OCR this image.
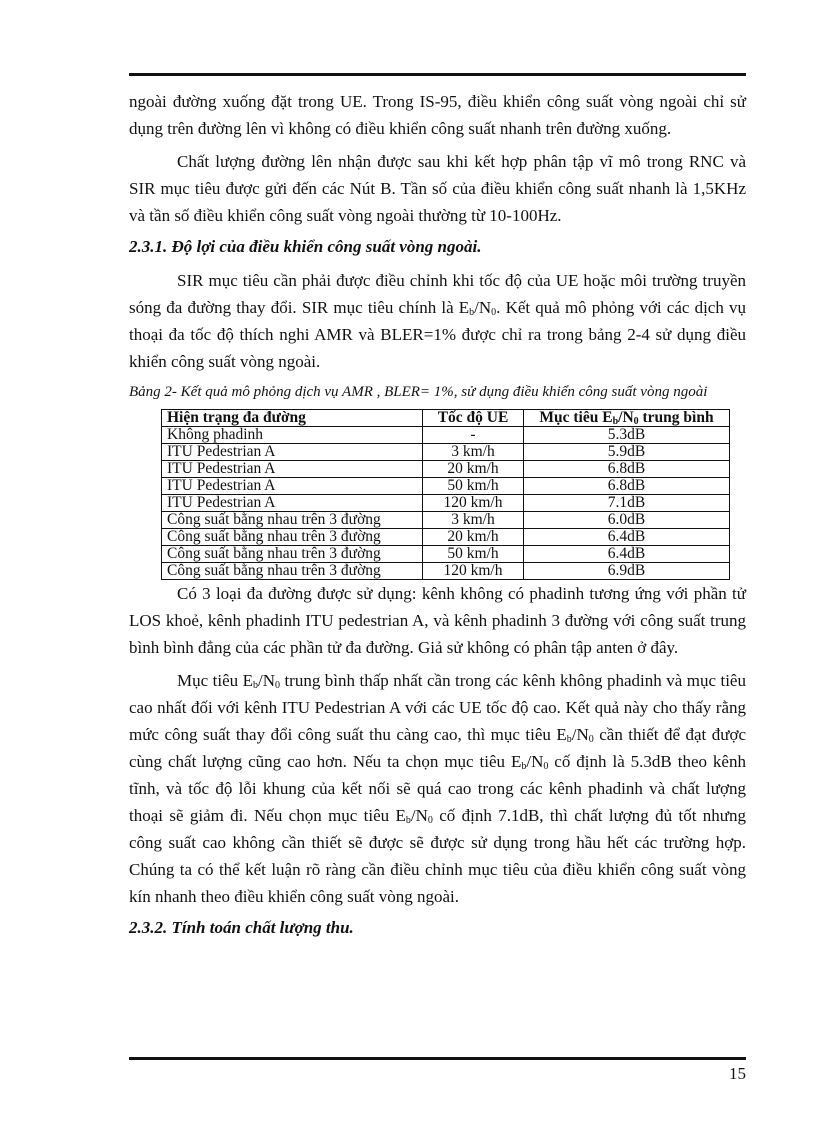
ngoài đường xuống đặt trong UE. Trong IS-95, điều khiển công suất vòng ngoài chỉ sử dụng trên đường lên vì không có điều khiển công suất nhanh trên đường xuống.

Chất lượng đường lên nhận được sau khi kết hợp phân tập vĩ mô trong RNC và SIR mục tiêu được gửi đến các Nút B. Tần số của điều khiển công suất nhanh là 1,5KHz và tần số điều khiển công suất vòng ngoài thường từ 10-100Hz.

2.3.1. Độ lợi của điều khiển công suất vòng ngoài.

SIR mục tiêu cần phải được điều chỉnh khi tốc độ của UE hoặc môi trường truyền sóng đa đường thay đổi. SIR mục tiêu chính là $E_b/N_0$. Kết quả mô phỏng với các dịch vụ thoại đa tốc độ thích nghi AMR và BLER=1% được chỉ ra trong bảng 2-4 sử dụng điều khiển công suất vòng ngoài.

Bảng 2- Kết quả mô phỏng dịch vụ AMR , BLER= 1%, sử dụng điều khiển công suất vòng ngoài
Hiện trạng đa đường	Tốc độ UE	Mục tiêu $E_b/N_0$ trung bình
Không phadinh	-	5.3dB
ITU Pedestrian A	3 km/h	5.9dB
ITU Pedestrian A	20 km/h	6.8dB
ITU Pedestrian A	50 km/h	6.8dB
ITU Pedestrian A	120 km/h	7.1dB
Công suất bằng nhau trên 3 đường	3 km/h	6.0dB
Công suất bằng nhau trên 3 đường	20 km/h	6.4dB
Công suất bằng nhau trên 3 đường	50 km/h	6.4dB
Công suất bằng nhau trên 3 đường	120 km/h	6.9dB

Có 3 loại đa đường được sử dụng: kênh không có phadinh tương ứng với phần tử LOS khoẻ, kênh phadinh ITU pedestrian A, và kênh phadinh 3 đường với công suất trung bình bình đẳng của các phần tử đa đường. Giả sử không có phân tập anten ở đây.

Mục tiêu $E_b/N_0$ trung bình thấp nhất cần trong các kênh không phadinh và mục tiêu cao nhất đối với kênh ITU Pedestrian A với các UE tốc độ cao. Kết quả này cho thấy rằng mức công suất thay đổi công suất thu càng cao, thì mục tiêu $E_b/N_0$ cần thiết để đạt được cùng chất lượng cũng cao hơn. Nếu ta chọn mục tiêu $E_b/N_0$ cố định là 5.3dB theo kênh tĩnh, và tốc độ lỗi khung của kết nối sẽ quá cao trong các kênh phadinh và chất lượng thoại sẽ giảm đi. Nếu chọn mục tiêu $E_b/N_0$ cố định 7.1dB, thì chất lượng đủ tốt nhưng công suất cao không cần thiết sẽ được sẽ được sử dụng trong hầu hết các trường hợp. Chúng ta có thể kết luận rõ ràng cần điều chỉnh mục tiêu của điều khiển công suất vòng kín nhanh theo điều khiển công suất vòng ngoài.

2.3.2. Tính toán chất lượng thu.
15
